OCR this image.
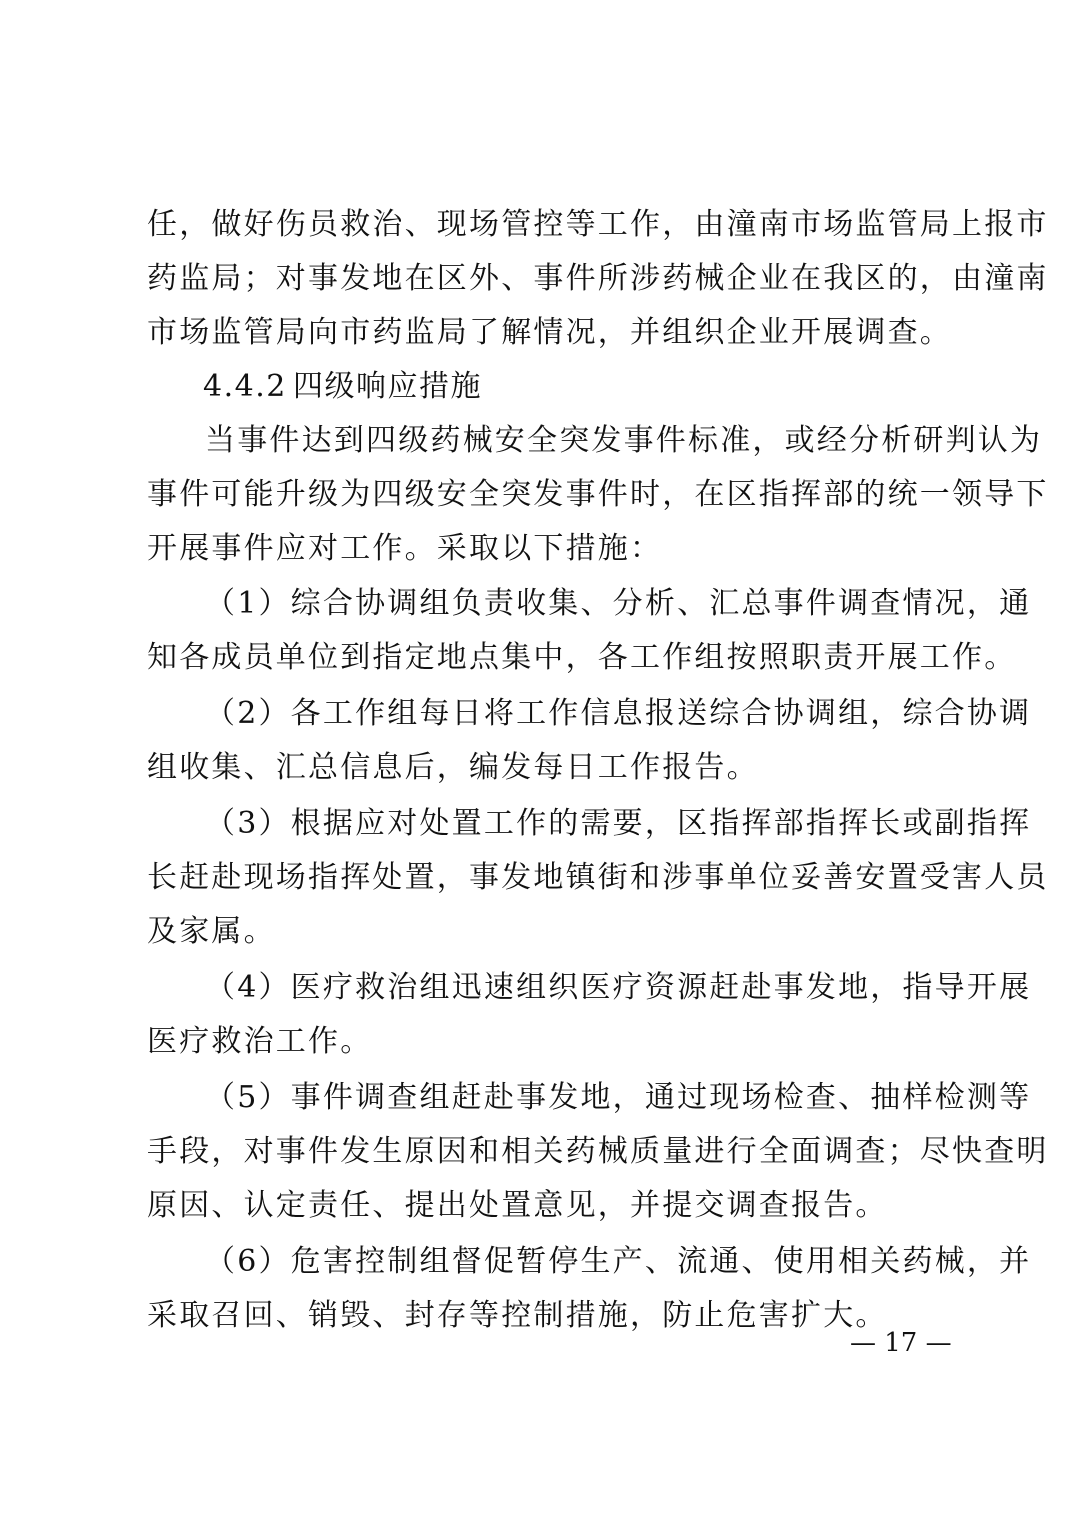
任，做好伤员救治、现场管控等工作，由潼南市场监管局上报市
药监局；对事发地在区外、事件所涉药械企业在我区的，由潼南
市场监管局向市药监局了解情况，并组织企业开展调查。
4.4.2 四级响应措施
当事件达到四级药械安全突发事件标准，或经分析研判认为
事件可能升级为四级安全突发事件时，在区指挥部的统一领导下
开展事件应对工作。采取以下措施：
（1）综合协调组负责收集、分析、汇总事件调查情况，通
知各成员单位到指定地点集中，各工作组按照职责开展工作。
（2）各工作组每日将工作信息报送综合协调组，综合协调
组收集、汇总信息后，编发每日工作报告。
（3）根据应对处置工作的需要，区指挥部指挥长或副指挥
长赶赴现场指挥处置，事发地镇街和涉事单位妥善安置受害人员
及家属。
（4）医疗救治组迅速组织医疗资源赶赴事发地，指导开展
医疗救治工作。
（5）事件调查组赶赴事发地，通过现场检查、抽样检测等
手段，对事件发生原因和相关药械质量进行全面调查；尽快查明
原因、认定责任、提出处置意见，并提交调查报告。
（6）危害控制组督促暂停生产、流通、使用相关药械，并
采取召回、销毁、封存等控制措施，防止危害扩大。
— 17 —
